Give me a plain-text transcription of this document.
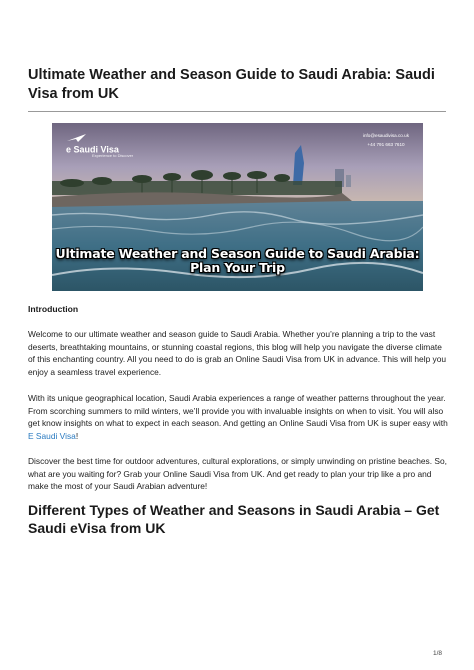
Ultimate Weather and Season Guide to Saudi Arabia: Saudi Visa from UK
e Saudi Visa
Experience to Discover
info@esaudivisa.co.uk
+44 791 663 7610
Ultimate Weather and Season Guide to Saudi Arabia:
Plan Your Trip

Introduction

Welcome to our ultimate weather and season guide to Saudi Arabia. Whether you’re planning a trip to the vast deserts, breathtaking mountains, or stunning coastal regions, this blog will help you navigate the diverse climate of this enchanting country. All you need to do is grab an Online Saudi Visa from UK in advance. This will help you enjoy a seamless travel experience.

With its unique geographical location, Saudi Arabia experiences a range of weather patterns throughout the year. From scorching summers to mild winters, we’ll provide you with invaluable insights on when to visit. You will also get know insights on what to expect in each season. And getting an Online Saudi Visa from UK is super easy with E Saudi Visa!

Discover the best time for outdoor adventures, cultural explorations, or simply unwinding on pristine beaches. So, what are you waiting for? Grab your Online Saudi Visa from UK. And get ready to plan your trip like a pro and make the most of your Saudi Arabian adventure!

Different Types of Weather and Seasons in Saudi Arabia – Get Saudi eVisa from UK
1/8
